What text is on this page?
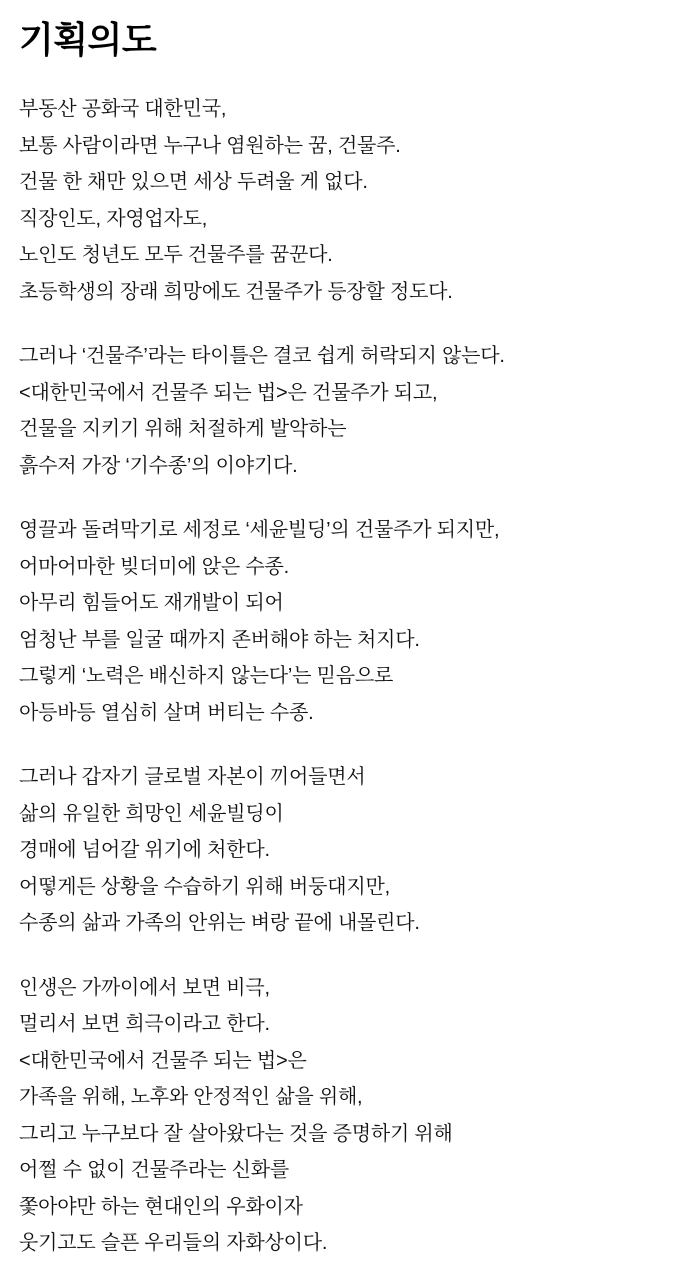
기획의도

부동산 공화국 대한민국,
보통 사람이라면 누구나 염원하는 꿈, 건물주.
건물 한 채만 있으면 세상 두려울 게 없다.
직장인도, 자영업자도,
노인도 청년도 모두 건물주를 꿈꾼다.
초등학생의 장래 희망에도 건물주가 등장할 정도다.

그러나 ‘건물주’라는 타이틀은 결코 쉽게 허락되지 않는다.
<대한민국에서 건물주 되는 법>은 건물주가 되고,
건물을 지키기 위해 처절하게 발악하는
흙수저 가장 ‘기수종’의 이야기다.

영끌과 돌려막기로 세정로 ‘세윤빌딩’의 건물주가 되지만,
어마어마한 빚더미에 앉은 수종.
아무리 힘들어도 재개발이 되어
엄청난 부를 일굴 때까지 존버해야 하는 처지다.
그렇게 ‘노력은 배신하지 않는다’는 믿음으로
아등바등 열심히 살며 버티는 수종.

그러나 갑자기 글로벌 자본이 끼어들면서
삶의 유일한 희망인 세윤빌딩이
경매에 넘어갈 위기에 처한다.
어떻게든 상황을 수습하기 위해 버둥대지만,
수종의 삶과 가족의 안위는 벼랑 끝에 내몰린다.

인생은 가까이에서 보면 비극,
멀리서 보면 희극이라고 한다.
<대한민국에서 건물주 되는 법>은
가족을 위해, 노후와 안정적인 삶을 위해,
그리고 누구보다 잘 살아왔다는 것을 증명하기 위해
어쩔 수 없이 건물주라는 신화를
쫓아야만 하는 현대인의 우화이자
웃기고도 슬픈 우리들의 자화상이다.
